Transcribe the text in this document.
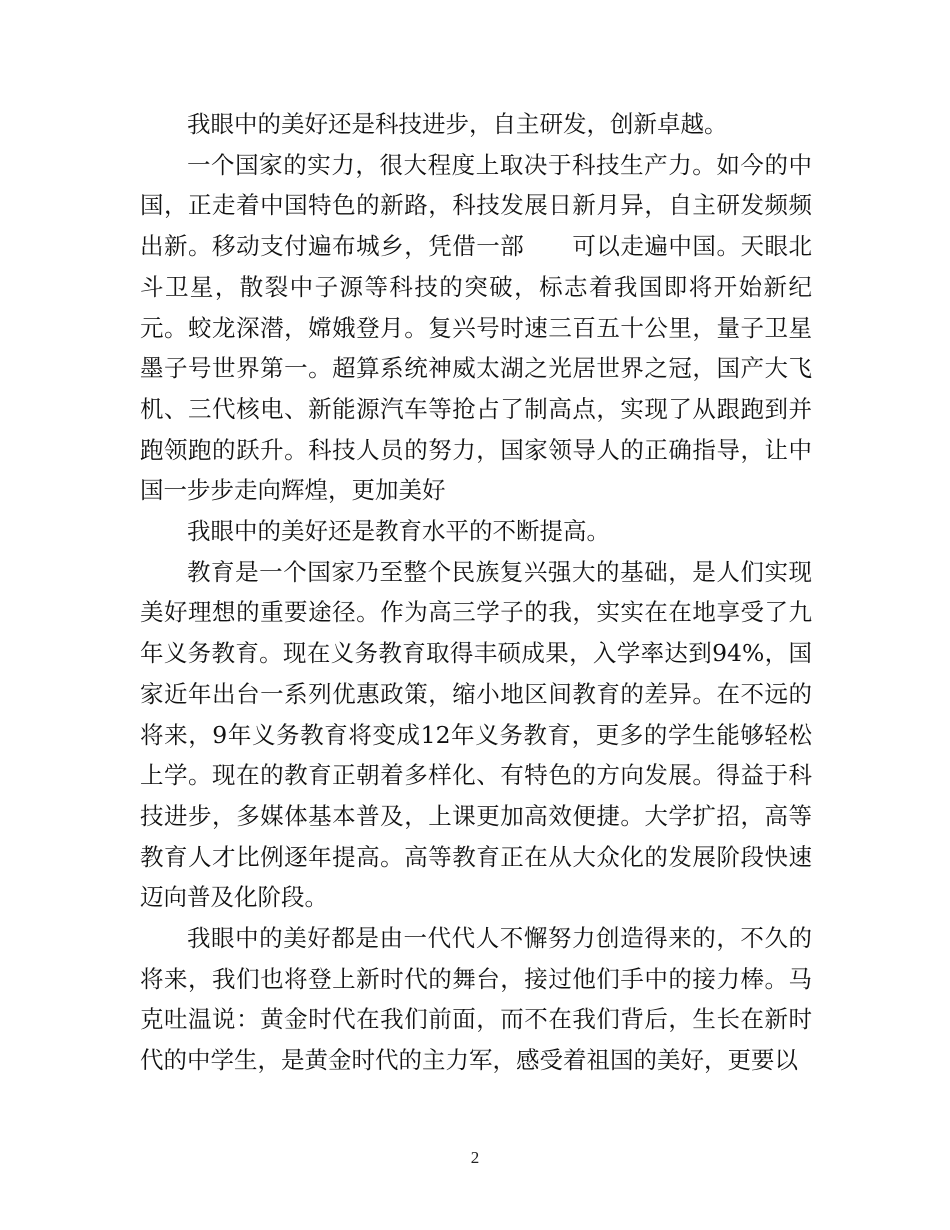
我眼中的美好还是科技进步，自主研发，创新卓越。

一个国家的实力，很大程度上取决于科技生产力。如今的中国，正走着中国特色的新路，科技发展日新月异，自主研发频频出新。移动支付遍布城乡，凭借一部　　可以走遍中国。天眼北斗卫星，散裂中子源等科技的突破，标志着我国即将开始新纪元。蛟龙深潜，嫦娥登月。复兴号时速三百五十公里，量子卫星墨子号世界第一。超算系统神威太湖之光居世界之冠，国产大飞机、三代核电、新能源汽车等抢占了制高点，实现了从跟跑到并跑领跑的跃升。科技人员的努力，国家领导人的正确指导，让中国一步步走向辉煌，更加美好

我眼中的美好还是教育水平的不断提高。

教育是一个国家乃至整个民族复兴强大的基础，是人们实现美好理想的重要途径。作为高三学子的我，实实在在地享受了九年义务教育。现在义务教育取得丰硕成果，入学率达到94%，国家近年出台一系列优惠政策，缩小地区间教育的差异。在不远的将来，9年义务教育将变成12年义务教育，更多的学生能够轻松上学。现在的教育正朝着多样化、有特色的方向发展。得益于科技进步，多媒体基本普及，上课更加高效便捷。大学扩招，高等教育人才比例逐年提高。高等教育正在从大众化的发展阶段快速迈向普及化阶段。

我眼中的美好都是由一代代人不懈努力创造得来的，不久的将来，我们也将登上新时代的舞台，接过他们手中的接力棒。马克吐温说：黄金时代在我们前面，而不在我们背后，生长在新时代的中学生，是黄金时代的主力军，感受着祖国的美好，更要以

2
